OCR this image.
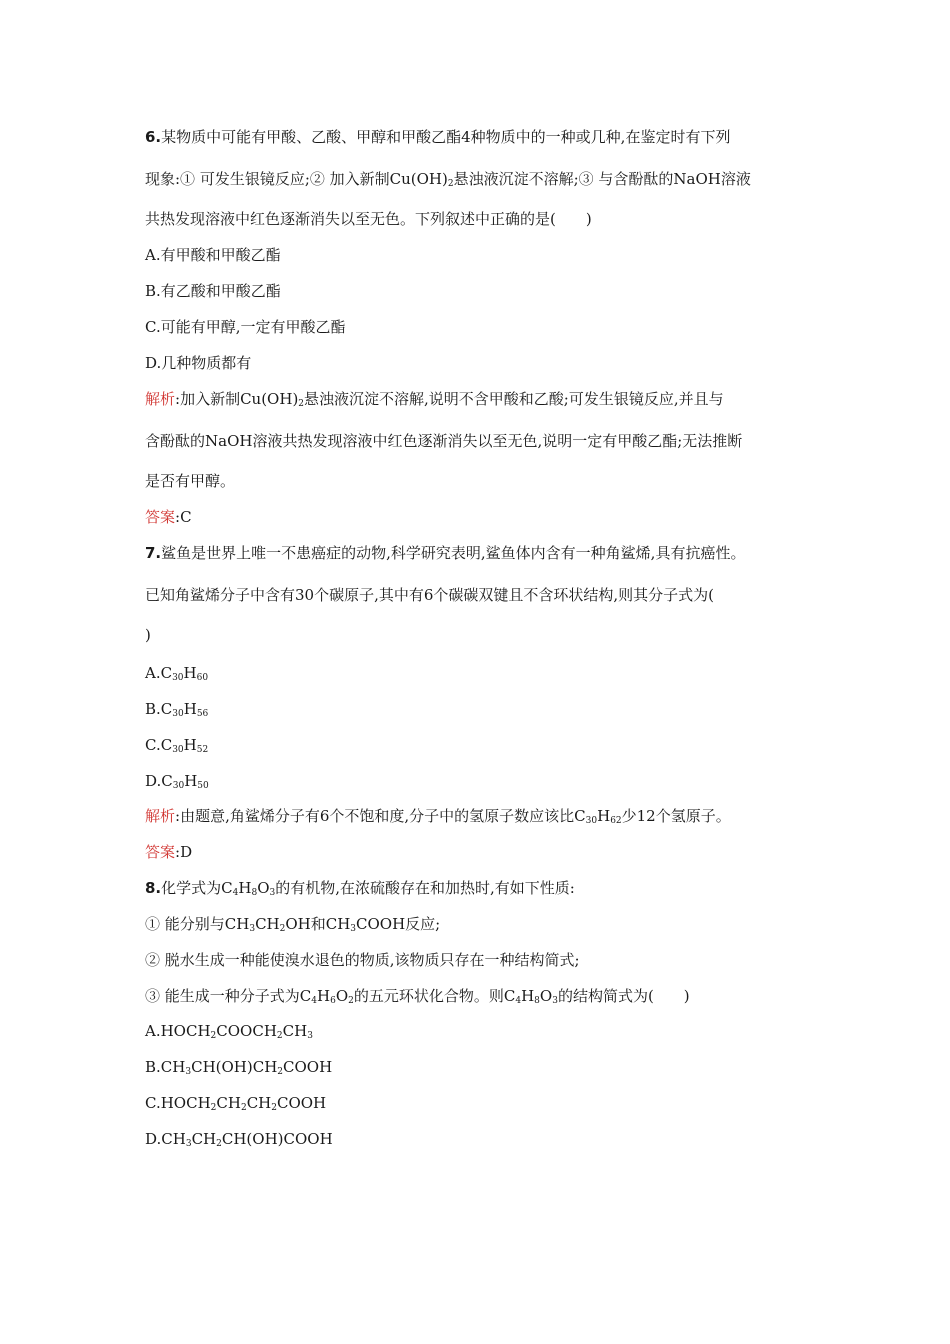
6.某物质中可能有甲酸、乙酸、甲醇和甲酸乙酯4种物质中的一种或几种,在鉴定时有下列
现象:① 可发生银镜反应;② 加入新制$Cu(OH)_2$悬浊液沉淀不溶解;③ 与含酚酞的NaOH溶液
共热发现溶液中红色逐渐消失以至无色。下列叙述中正确的是(　　)
A.有甲酸和甲酸乙酯
B.有乙酸和甲酸乙酯
C.可能有甲醇,一定有甲酸乙酯
D.几种物质都有
解析:加入新制$Cu(OH)_2$悬浊液沉淀不溶解,说明不含甲酸和乙酸;可发生银镜反应,并且与
含酚酞的NaOH溶液共热发现溶液中红色逐渐消失以至无色,说明一定有甲酸乙酯;无法推断
是否有甲醇。
答案:C
7.鲨鱼是世界上唯一不患癌症的动物,科学研究表明,鲨鱼体内含有一种角鲨烯,具有抗癌性。
已知角鲨烯分子中含有30个碳原子,其中有6个碳碳双键且不含环状结构,则其分子式为(
)
$A.C_{30}H_{60}$
$B.C_{30}H_{56}$
$C.C_{30}H_{52}$
$D.C_{30}H_{50}$
解析:由题意,角鲨烯分子有6个不饱和度,分子中的氢原子数应该比$C_{30}H_{62}$少12个氢原子。
答案:D
8.化学式为$C_4H_8O_3$的有机物,在浓硫酸存在和加热时,有如下性质:
① 能分别与$CH_3CH_2OH$和$CH_3COOH$反应;
② 脱水生成一种能使溴水退色的物质,该物质只存在一种结构简式;
③ 能生成一种分子式为$C_4H_6O_2$的五元环状化合物。则$C_4H_8O_3$的结构简式为(　　)
$A.HOCH_2COOCH_2CH_3$
$B.CH_3CH(OH)CH_2COOH$
$C.HOCH_2CH_2CH_2COOH$
$D.CH_3CH_2CH(OH)COOH$
